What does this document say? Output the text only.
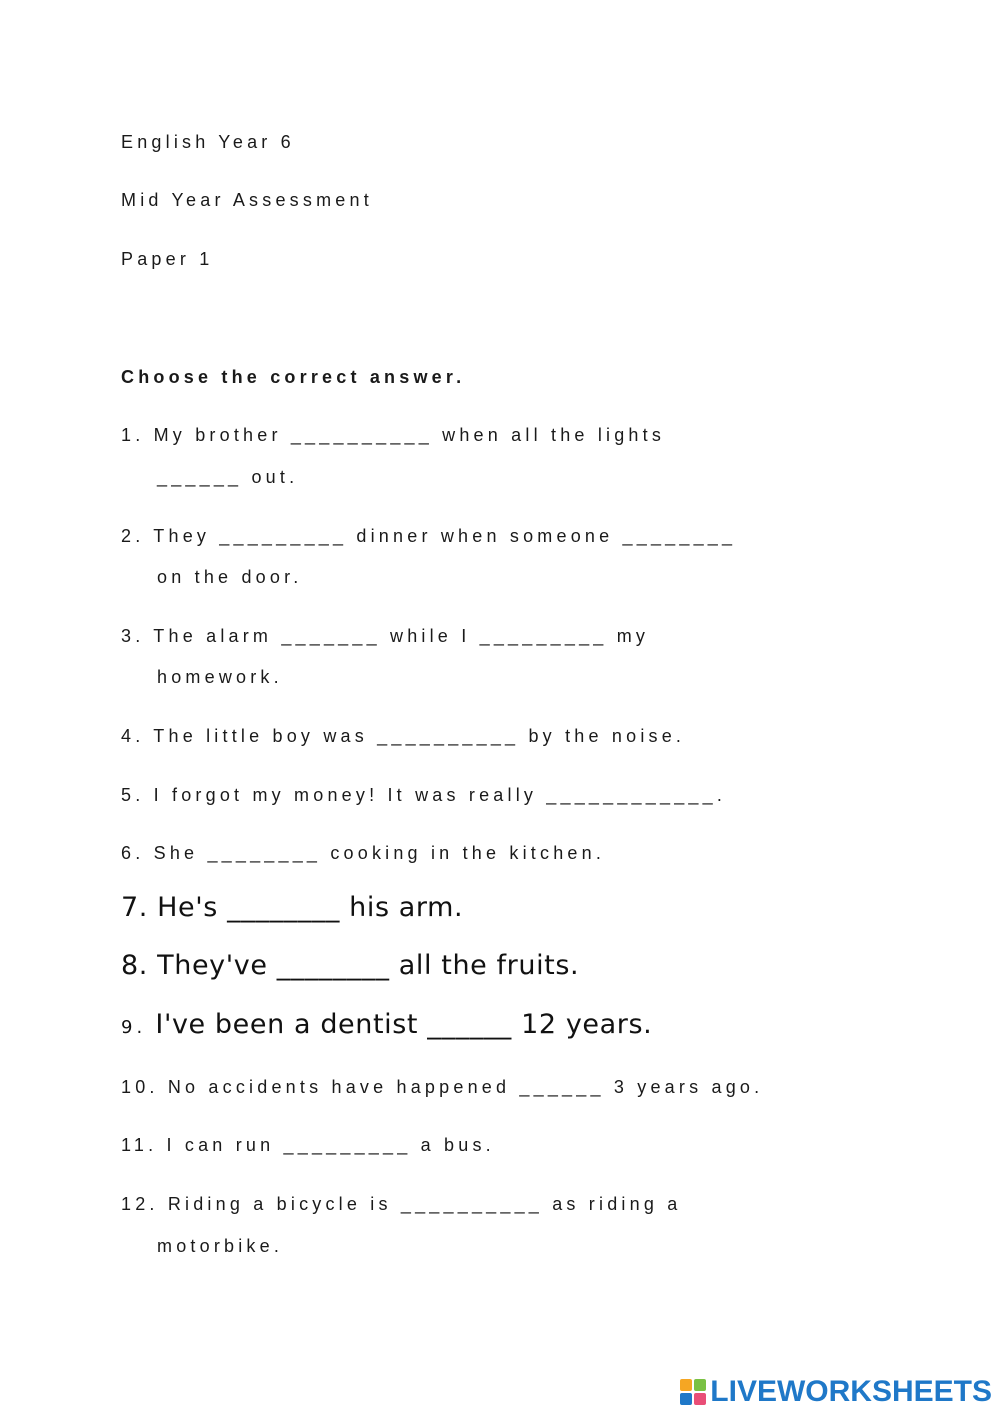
English Year 6

Mid Year Assessment

Paper 1

Choose the correct answer.

1. My brother __________ when all the lights

______ out.

2. They _________ dinner when someone ________

on the door.

3. The alarm _______ while I _________ my

homework.

4. The little boy was __________ by the noise.

5. I forgot my money! It was really ____________.

6. She ________ cooking in the kitchen.

7. He's ________ his arm.

8. They've ________ all the fruits.

9. I've been a dentist ______ 12 years.

10. No accidents have happened ______ 3 years ago.

11. I can run _________ a bus.

12. Riding a bicycle is __________ as riding a

motorbike.

LIVEWORKSHEETS
